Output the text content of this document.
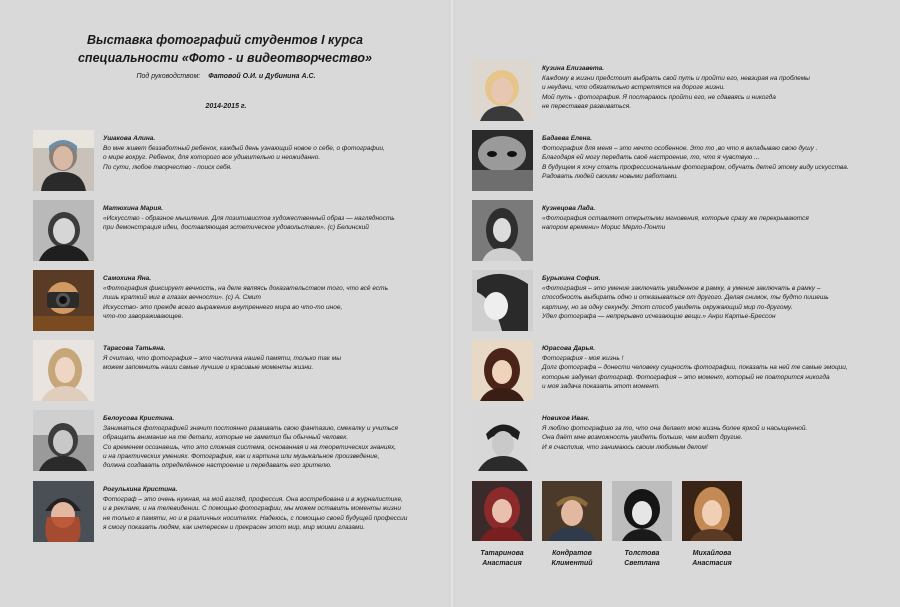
Выставка фотографий студентов I курса
специальности «Фото - и видеотворчество»
Под руководством: Фатовой О.И. и Дубинина А.С.
2014-2015 г.
Ушакова Алина.
Во мне живет беззаботный ребенок, каждый день узнающий новое о себе, о фотографии,
о мире вокруг. Ребенок, для которого все удивительно и неожиданно.
По сути, любое творчество - поиск себя.
Матюхина Мария.
«Искусство - образное мышление. Для позитивистов художественный образ — наглядность
при демонстрация идеи, доставляющая эстетическое удовольствие». (с) Белинский
Самохина Яна.
«Фотография фиксирует вечность, на деле являясь доказательством того, что всё есть
лишь краткий миг в глазах вечности». (с) А. Смит
Искусство- это прежде всего выражение внутреннего мира во что-то иное,
что-то завораживающее.
Тарасова Татьяна.
Я считаю, что фотография – это частичка нашей памяти, только так мы
можем запомнить наши самые лучшие и красивые моменты жизни.
Белоусова Кристина.
Заниматься фотографией значит постоянно развивать свою фантазию, смекалку и учиться
обращать внимание на те детали, которые не заметил бы обычный человек.
Со временем осознаешь, что это сложная система, основанная и на теоретических знаниях,
и на практических умениях. Фотография, как и картина или музыкальное произведение,
должна создавать определённое настроение и передавать его зрителю.
Рогулькина Кристина.
Фотограф – это очень нужная, на мой взгляд, профессия. Она востребована и в журналистике,
и в рекламе, и на телевидении. С помощью фотографии, мы можем оставить моменты жизни
не только в памяти, но и в различных носителях. Надеюсь, с помощью своей будущей профессии
я смогу показать людям, как интересен и прекрасен этот мир, мир моими глазами.
Кузина Елизавета.
Каждому в жизни предстоит выбрать свой путь и пройти его, невзирая на проблемы
и неудачи, что обязательно встретятся на дороге жизни.
Мой путь - фотография. Я постараюсь пройти его, не сдаваясь и никогда
не переставая развиваться.
Бадаева Елена.
Фотография для меня – это нечто особенное. Это то ,во что я вкладываю свою душу .
Благодаря ей могу передать своё настроение, то, что я чувствую ...
В будущем я хочу стать профессиональным фотографом, обучать детей этому виду искусства.
Радовать людей своими новыми работами.
Кузнецова Лада.
«Фотография оставляет открытыми мгновения, которые сразу же перекрываются
напором времени» Морис Мерло-Понти
Бурыкина София.
«Фотография – это умение заключать увиденное в рамку, а умение заключать в рамку –
способность выбирать одно и отказываться от другого. Делая снимок, ты будто пишешь
картину, но за одну секунду. Этот способ увидеть окружающий мир по-другому.
Удел фотографа — непрерывно исчезающие вещи.» Анри Картье-Брессон
Юрасова Дарья.
Фотография - моя жизнь !
Долг фотографа – донести человеку сущность фотографии, показать на ней те самые эмоции,
которые задумал фотограф. Фотография – это момент, который не повторится никогда
и моя задача показать этот момент.
Новиков Иван.
Я люблю фотографию за то, что она делает мою жизнь более яркой и насыщенной.
Она даёт мне возможность увидеть больше, чем видят другие.
И я счастлив, что занимаюсь своим любимым делом!
Татаринова
Анастасия
Кондратов
Климентий
Толстова
Светлана
Михайлова
Анастасия
